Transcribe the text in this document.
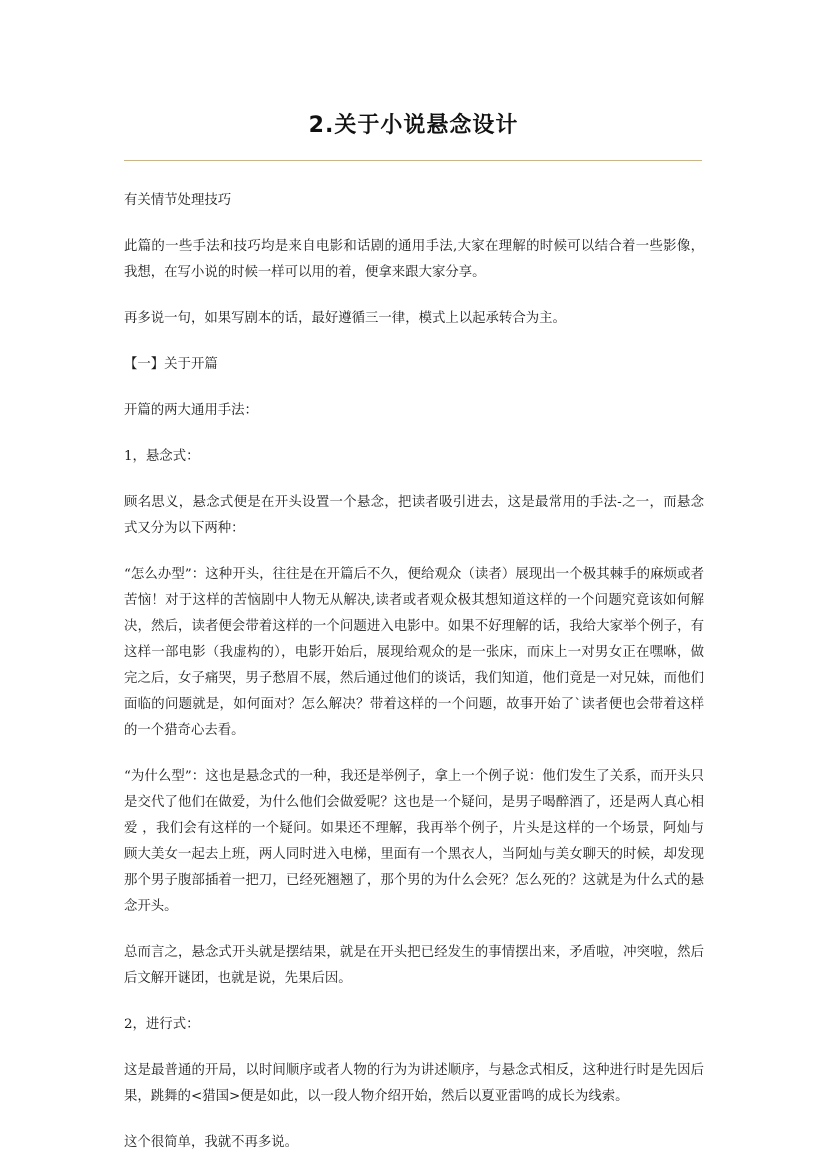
2.关于小说悬念设计

有关情节处理技巧

此篇的一些手法和技巧均是来自电影和话剧的通用手法,大家在理解的时候可以结合着一些影像，我想，在写小说的时候一样可以用的着，便拿来跟大家分享。

再多说一句，如果写剧本的话，最好遵循三一律，模式上以起承转合为主。

【一】关于开篇

开篇的两大通用手法：

1，悬念式：

顾名思义，悬念式便是在开头设置一个悬念，把读者吸引进去，这是最常用的手法-之一，而悬念式又分为以下两种：

“怎么办型”：这种开头，往往是在开篇后不久，便给观众（读者）展现出一个极其棘手的麻烦或者苦恼！对于这样的苦恼剧中人物无从解决,读者或者观众极其想知道这样的一个问题究竟该如何解决，然后，读者便会带着这样的一个问题进入电影中。如果不好理解的话，我给大家举个例子，有这样一部电影（我虚构的），电影开始后，展现给观众的是一张床，而床上一对男女正在嘿咻，做完之后，女子痛哭，男子愁眉不展，然后通过他们的谈话，我们知道，他们竟是一对兄妹，而他们面临的问题就是，如何面对？怎么解决？带着这样的一个问题，故事开始了`读者便也会带着这样的一个猎奇心去看。

“为什么型”：这也是悬念式的一种，我还是举例子，拿上一个例子说：他们发生了关系，而开头只是交代了他们在做爱，为什么他们会做爱呢？这也是一个疑问，是男子喝醉酒了，还是两人真心相爱 ，我们会有这样的一个疑问。如果还不理解，我再举个例子，片头是这样的一个场景，阿灿与顾大美女一起去上班，两人同时进入电梯，里面有一个黑衣人，当阿灿与美女聊天的时候，却发现那个男子腹部插着一把刀，已经死翘翘了，那个男的为什么会死？怎么死的？这就是为什么式的悬念开头。

总而言之，悬念式开头就是摆结果，就是在开头把已经发生的事情摆出来，矛盾啦，冲突啦，然后后文解开谜团，也就是说，先果后因。

2，进行式：

这是最普通的开局，以时间顺序或者人物的行为为讲述顺序，与悬念式相反，这种进行时是先因后果，跳舞的<猎国>便是如此，以一段人物介绍开始，然后以夏亚雷鸣的成长为线索。

这个很简单，我就不再多说。
